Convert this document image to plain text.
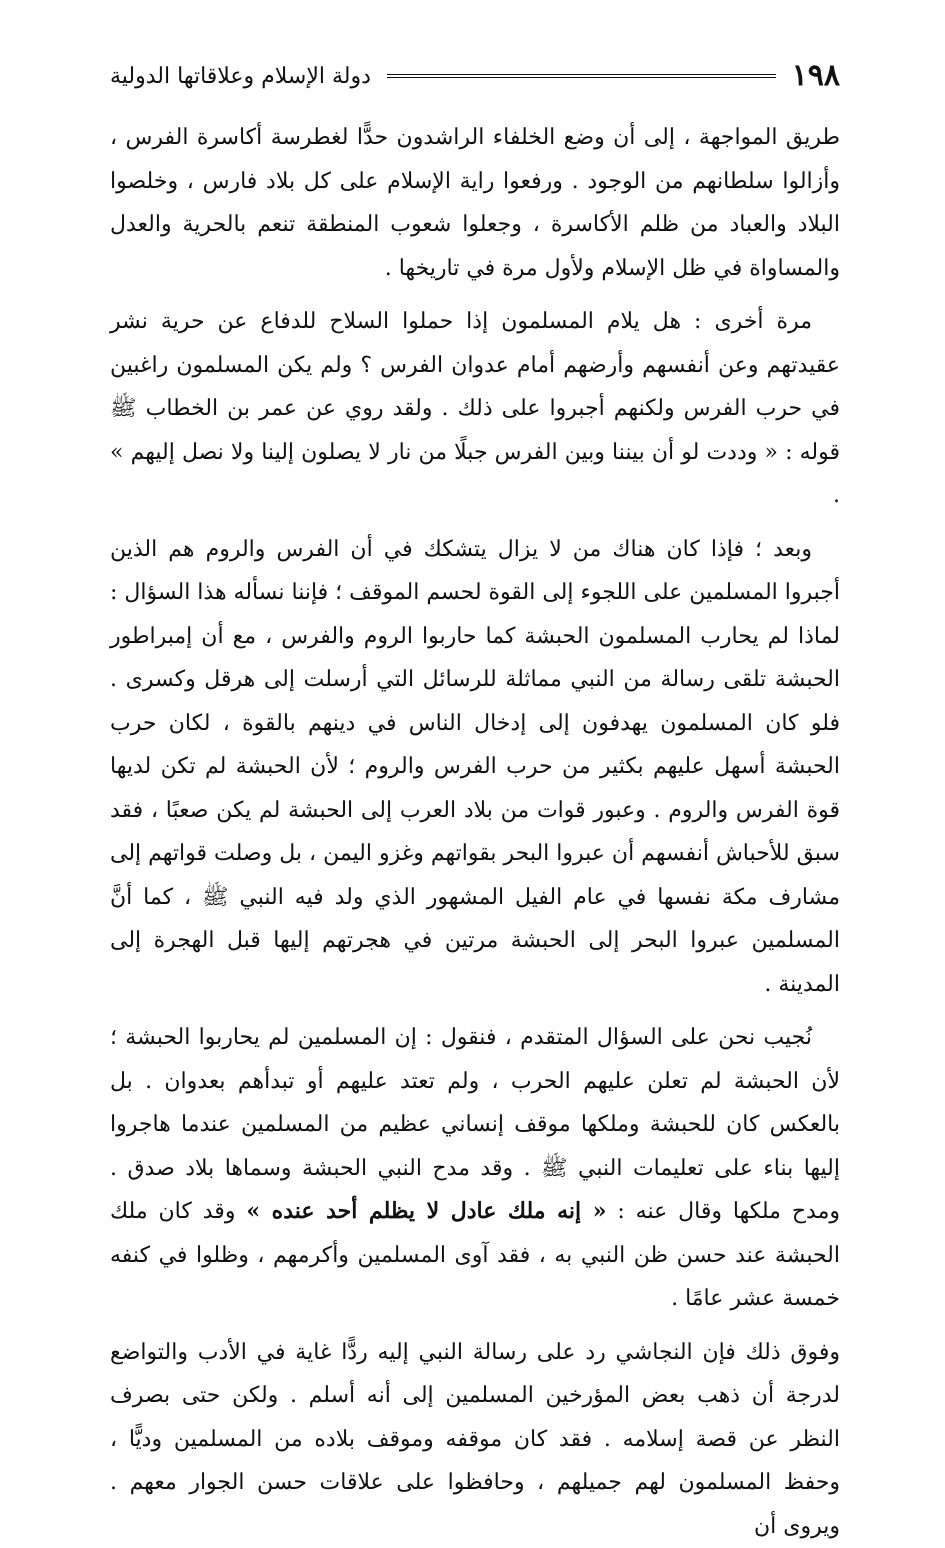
١٩٨
دولة الإسلام وعلاقاتها الدولية

طريق المواجهة ، إلى أن وضع الخلفاء الراشدون حدًّا لغطرسة أكاسرة الفرس ، وأزالوا سلطانهم من الوجود . ورفعوا راية الإسلام على كل بلاد فارس ، وخلصوا البلاد والعباد من ظلم الأكاسرة ، وجعلوا شعوب المنطقة تنعم بالحرية والعدل والمساواة في ظل الإسلام ولأول مرة في تاريخها .

مرة أخرى : هل يلام المسلمون إذا حملوا السلاح للدفاع عن حرية نشر عقيدتهم وعن أنفسهم وأرضهم أمام عدوان الفرس ؟ ولم يكن المسلمون راغبين في حرب الفرس ولكنهم أجبروا على ذلك . ولقد روي عن عمر بن الخطاب ﷺ قوله : « وددت لو أن بيننا وبين الفرس جبلًا من نار لا يصلون إلينا ولا نصل إليهم » .

وبعد ؛ فإذا كان هناك من لا يزال يتشكك في أن الفرس والروم هم الذين أجبروا المسلمين على اللجوء إلى القوة لحسم الموقف ؛ فإننا نسأله هذا السؤال : لماذا لم يحارب المسلمون الحبشة كما حاربوا الروم والفرس ، مع أن إمبراطور الحبشة تلقى رسالة من النبي مماثلة للرسائل التي أرسلت إلى هرقل وكسرى . فلو كان المسلمون يهدفون إلى إدخال الناس في دينهم بالقوة ، لكان حرب الحبشة أسهل عليهم بكثير من حرب الفرس والروم ؛ لأن الحبشة لم تكن لديها قوة الفرس والروم . وعبور قوات من بلاد العرب إلى الحبشة لم يكن صعبًا ، فقد سبق للأحباش أنفسهم أن عبروا البحر بقواتهم وغزو اليمن ، بل وصلت قواتهم إلى مشارف مكة نفسها في عام الفيل المشهور الذي ولد فيه النبي ﷺ ، كما أنَّ المسلمين عبروا البحر إلى الحبشة مرتين في هجرتهم إليها قبل الهجرة إلى المدينة .

نُجيب نحن على السؤال المتقدم ، فنقول : إن المسلمين لم يحاربوا الحبشة ؛ لأن الحبشة لم تعلن عليهم الحرب ، ولم تعتد عليهم أو تبدأهم بعدوان . بل بالعكس كان للحبشة وملكها موقف إنساني عظيم من المسلمين عندما هاجروا إليها بناء على تعليمات النبي ﷺ . وقد مدح النبي الحبشة وسماها بلاد صدق . ومدح ملكها وقال عنه : « إنه ملك عادل لا يظلم أحد عنده » وقد كان ملك الحبشة عند حسن ظن النبي به ، فقد آوى المسلمين وأكرمهم ، وظلوا في كنفه خمسة عشر عامًا .

وفوق ذلك فإن النجاشي رد على رسالة النبي إليه ردًّا غاية في الأدب والتواضع لدرجة أن ذهب بعض المؤرخين المسلمين إلى أنه أسلم . ولكن حتى بصرف النظر عن قصة إسلامه . فقد كان موقفه وموقف بلاده من المسلمين وديًّا ، وحفظ المسلمون لهم جميلهم ، وحافظوا على علاقات حسن الجوار معهم . ويروى أن
